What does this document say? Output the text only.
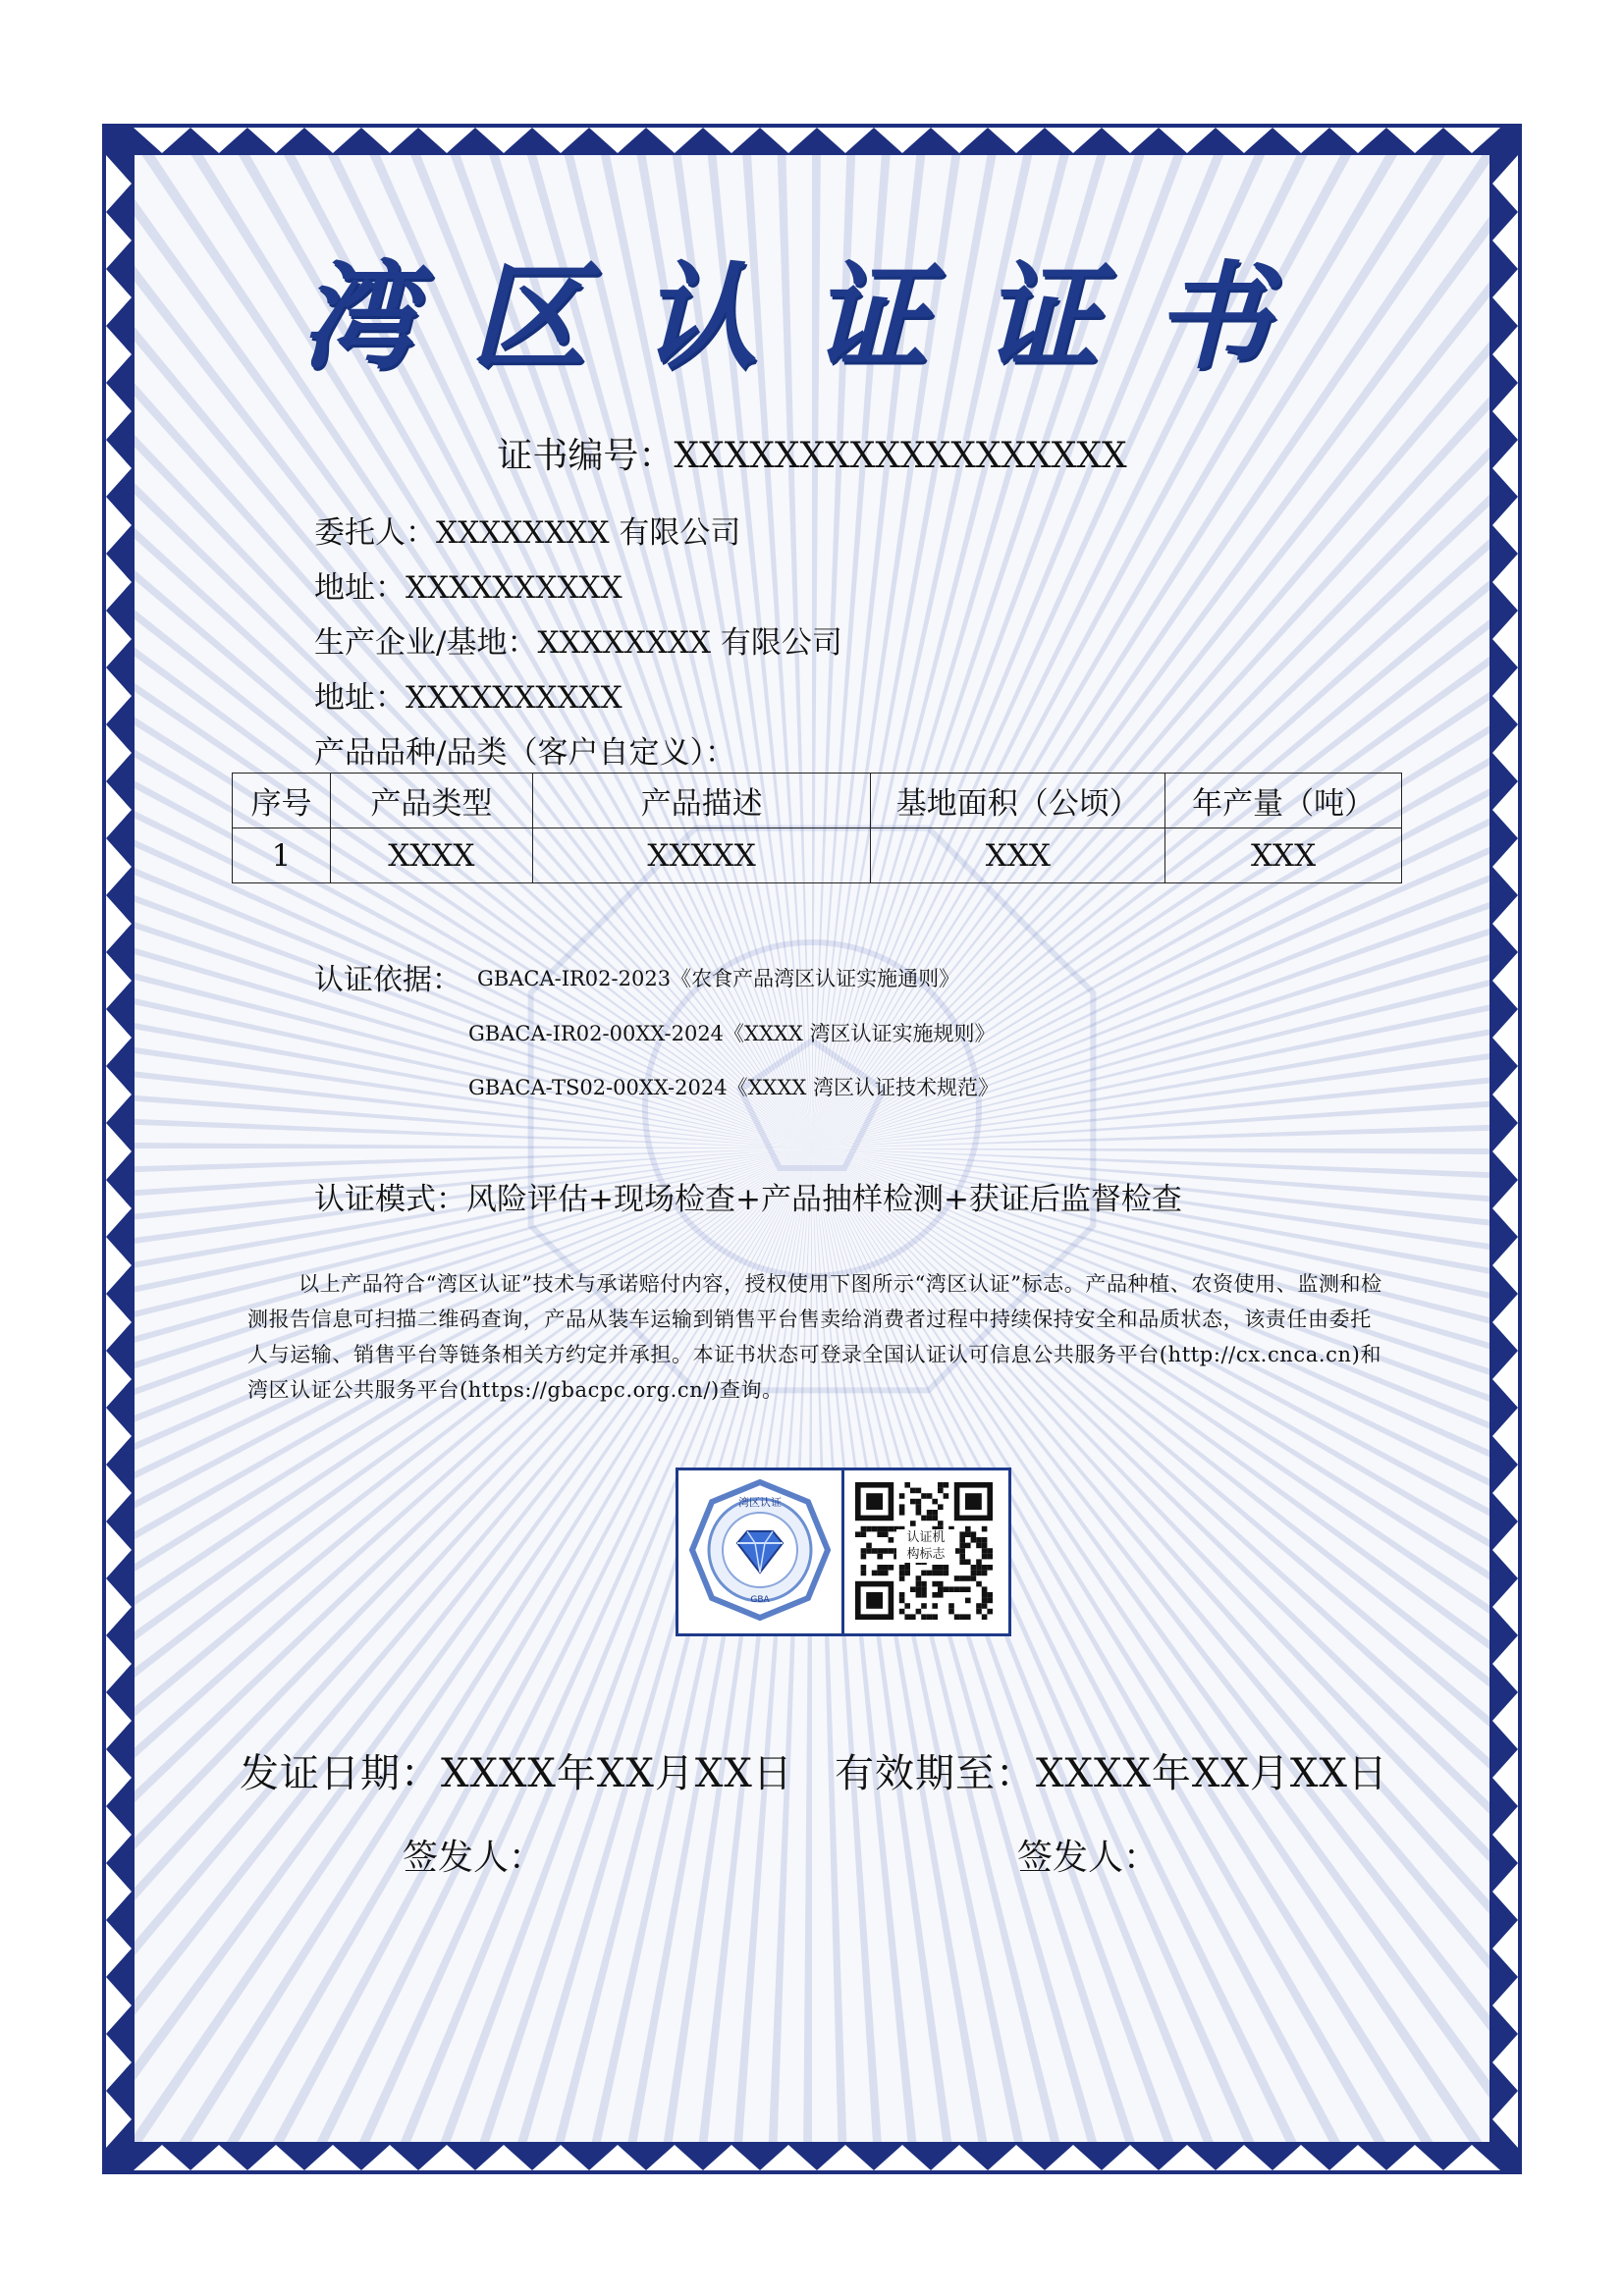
湾区认证证书
证书编号：XXXXXXXXXXXXXXXXXX
委托人：XXXXXXXX 有限公司
地址：XXXXXXXXXX
生产企业/基地：XXXXXXXX 有限公司
地址：XXXXXXXXXX
产品品种/品类（客户自定义）：
序号	产品类型	产品描述	基地面积（公顷）	年产量（吨）
1	XXXX	XXXXX	XXX	XXX
认证依据： GBACA-IR02-2023《农食产品湾区认证实施通则》
GBACA-IR02-00XX-2024《XXXX 湾区认证实施规则》
GBACA-TS02-00XX-2024《XXXX 湾区认证技术规范》
认证模式：风险评估+现场检查+产品抽样检测+获证后监督检查
以上产品符合“湾区认证”技术与承诺赔付内容，授权使用下图所示“湾区认证”标志。产品种植、农资使用、监测和检测报告信息可扫描二维码查询，产品从装车运输到销售平台售卖给消费者过程中持续保持安全和品质状态，该责任由委托人与运输、销售平台等链条相关方约定并承担。本证书状态可登录全国认证认可信息公共服务平台(http://cx.cnca.cn)和湾区认证公共服务平台(https://gbacpc.org.cn/)查询。
湾区认证
GBA
认证机
构标志
发证日期：XXXX年XX月XX日 有效期至：XXXX年XX月XX日
签发人：	签发人：
